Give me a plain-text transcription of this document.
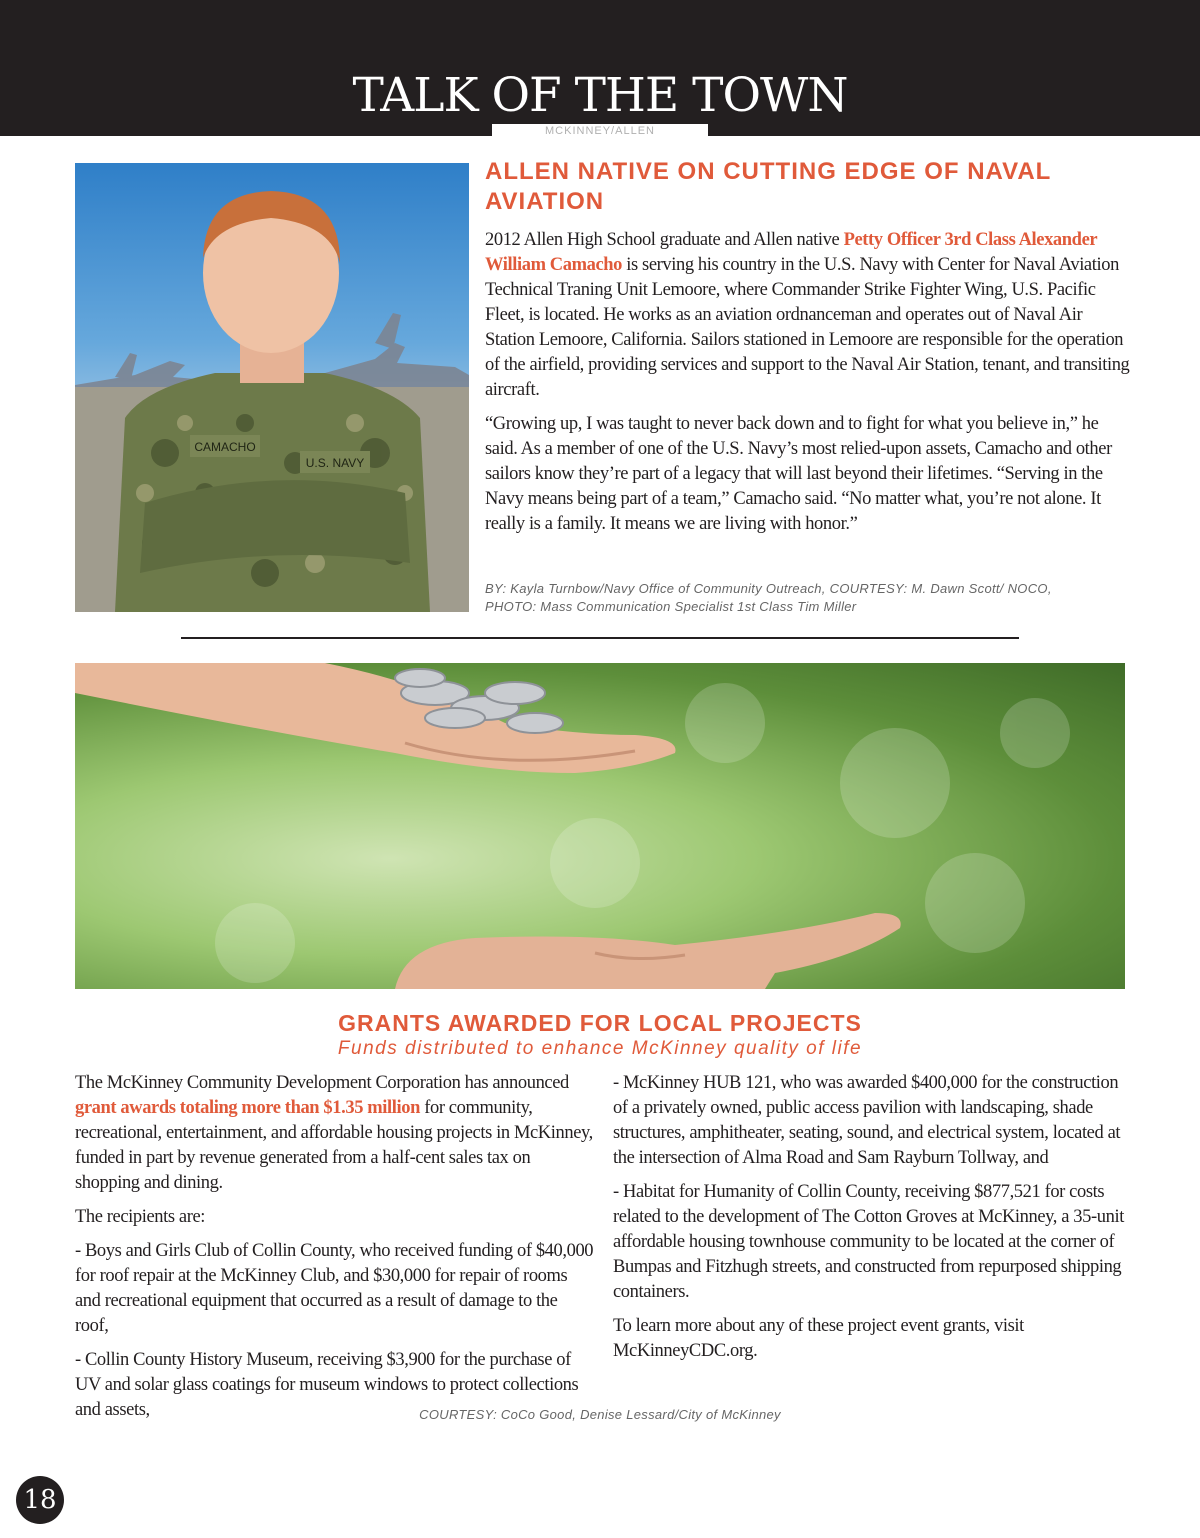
TALK OF THE TOWN
MCKINNEY/ALLEN
CAMACHO
U.S. NAVY
ALLEN NATIVE ON CUTTING EDGE OF NAVAL AVIATION

2012 Allen High School graduate and Allen native Petty Officer 3rd Class Alexander William Camacho is serving his country in the U.S. Navy with Center for Naval Aviation Technical Traning Unit Lemoore, where Commander Strike Fighter Wing, U.S. Pacific Fleet, is located. He works as an aviation ordnanceman and operates out of Naval Air Station Lemoore, California. Sailors stationed in Lemoore are responsible for the operation of the airfield, providing services and support to the Naval Air Station, tenant, and transiting aircraft.

“Growing up, I was taught to never back down and to fight for what you believe in,” he said. As a member of one of the U.S. Navy’s most relied-upon assets, Camacho and other sailors know they’re part of a legacy that will last beyond their lifetimes. “Serving in the Navy means being part of a team,” Camacho said. “No matter what, you’re not alone. It really is a family. It means we are living with honor.”

BY: Kayla Turnbow/Navy Office of Community Outreach, COURTESY: M. Dawn Scott/ NOCO, PHOTO: Mass Communication Specialist 1st Class Tim Miller
GRANTS AWARDED FOR LOCAL PROJECTS
Funds distributed to enhance McKinney quality of life

The McKinney Community Development Corporation has announced grant awards totaling more than $1.35 million for community, recreational, entertainment, and affordable housing projects in McKinney, funded in part by revenue generated from a half-cent sales tax on shopping and dining.

The recipients are:

- Boys and Girls Club of Collin County, who received funding of $40,000 for roof repair at the McKinney Club, and $30,000 for repair of rooms and recreational equipment that occurred as a result of damage to the roof,

- Collin County History Museum, receiving $3,900 for the purchase of UV and solar glass coatings for museum windows to protect collections and assets,

- McKinney HUB 121, who was awarded $400,000 for the construction of a privately owned, public access pavilion with landscaping, shade structures, amphitheater, seating, sound, and electrical system, located at the intersection of Alma Road and Sam Rayburn Tollway, and

- Habitat for Humanity of Collin County, receiving $877,521 for costs related to the development of The Cotton Groves at McKinney, a 35-unit affordable housing townhouse community to be located at the corner of Bumpas and Fitzhugh streets, and constructed from repurposed shipping containers.

To learn more about any of these project event grants, visit McKinneyCDC.org.

COURTESY: CoCo Good, Denise Lessard/City of McKinney
18
